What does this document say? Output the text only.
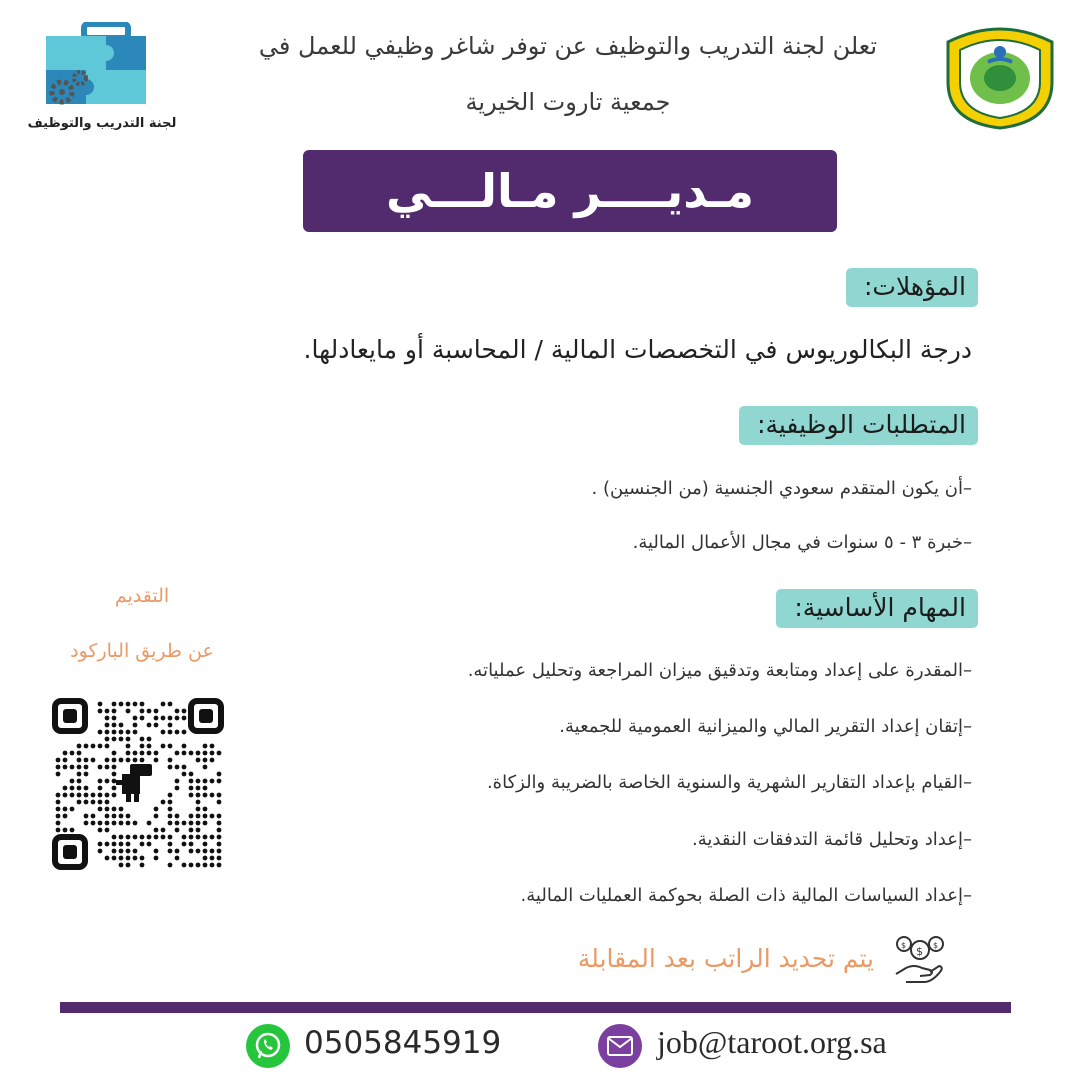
لجنة التدريب والتوظيف
تعلن لجنة التدريب والتوظيف عن توفر شاغر وظيفي للعمل في
جمعية تاروت الخيرية
مـديــــر مـالـــي
المؤهلات:
درجة البكالوريوس في التخصصات المالية / المحاسبة أو مايعادلها.
المتطلبات الوظيفية:
–أن يكون المتقدم سعودي الجنسية (من الجنسين) .
–خبرة ٣ - ٥ سنوات في مجال الأعمال المالية.
المهام الأساسية:
–المقدرة على إعداد ومتابعة وتدقيق ميزان المراجعة وتحليل عملياته.
–إتقان إعداد التقرير المالي والميزانية العمومية للجمعية.
–القيام بإعداد التقارير الشهرية والسنوية الخاصة بالضريبة والزكاة.
–إعداد وتحليل قائمة التدفقات النقدية.
–إعداد السياسات المالية ذات الصلة بحوكمة العمليات المالية.
التقديم
عن طريق الباركود
$
$	$
يتم تحديد الراتب بعد المقابلة
job@taroot.org.sa
0505845919
